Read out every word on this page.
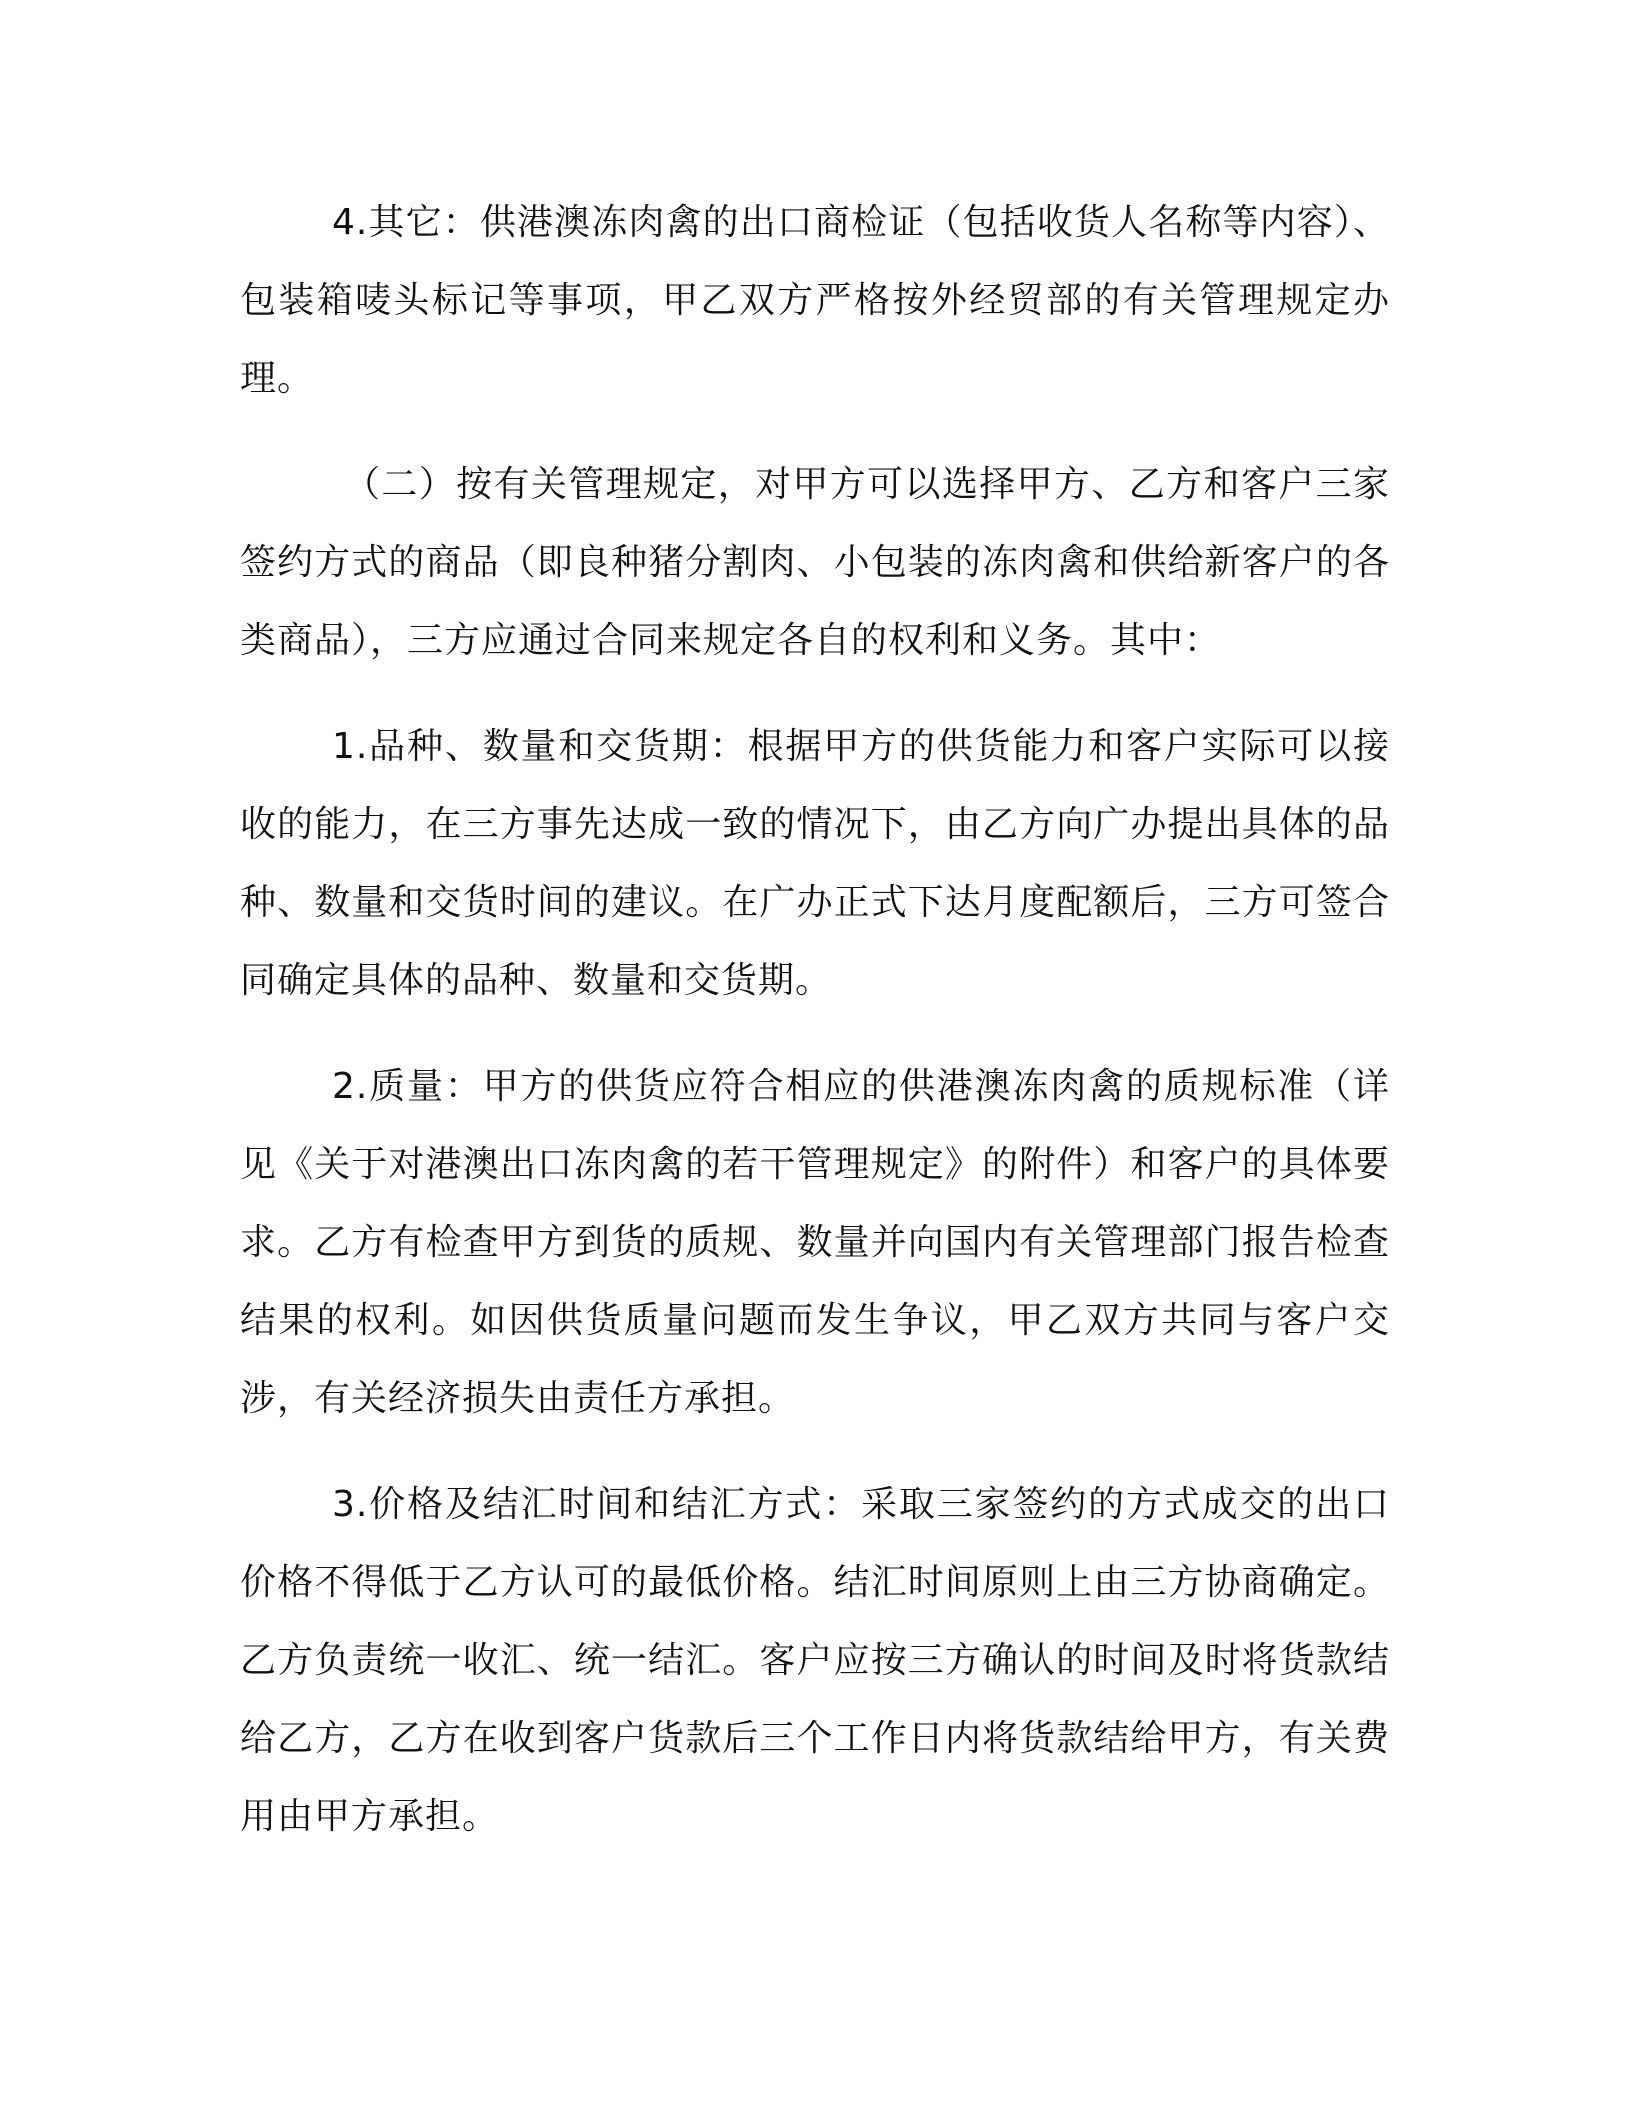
4.其它：供港澳冻肉禽的出口商检证（包括收货人名称等内容）、包装箱唛头标记等事项，甲乙双方严格按外经贸部的有关管理规定办理。

（二）按有关管理规定，对甲方可以选择甲方、乙方和客户三家签约方式的商品（即良种猪分割肉、小包装的冻肉禽和供给新客户的各类商品），三方应通过合同来规定各自的权利和义务。其中：

1.品种、数量和交货期：根据甲方的供货能力和客户实际可以接收的能力，在三方事先达成一致的情况下，由乙方向广办提出具体的品种、数量和交货时间的建议。在广办正式下达月度配额后，三方可签合同确定具体的品种、数量和交货期。

2.质量：甲方的供货应符合相应的供港澳冻肉禽的质规标准（详见《关于对港澳出口冻肉禽的若干管理规定》的附件）和客户的具体要求。乙方有检查甲方到货的质规、数量并向国内有关管理部门报告检查结果的权利。如因供货质量问题而发生争议，甲乙双方共同与客户交涉，有关经济损失由责任方承担。

3.价格及结汇时间和结汇方式：采取三家签约的方式成交的出口价格不得低于乙方认可的最低价格。结汇时间原则上由三方协商确定。乙方负责统一收汇、统一结汇。客户应按三方确认的时间及时将货款结给乙方，乙方在收到客户货款后三个工作日内将货款结给甲方，有关费用由甲方承担。
